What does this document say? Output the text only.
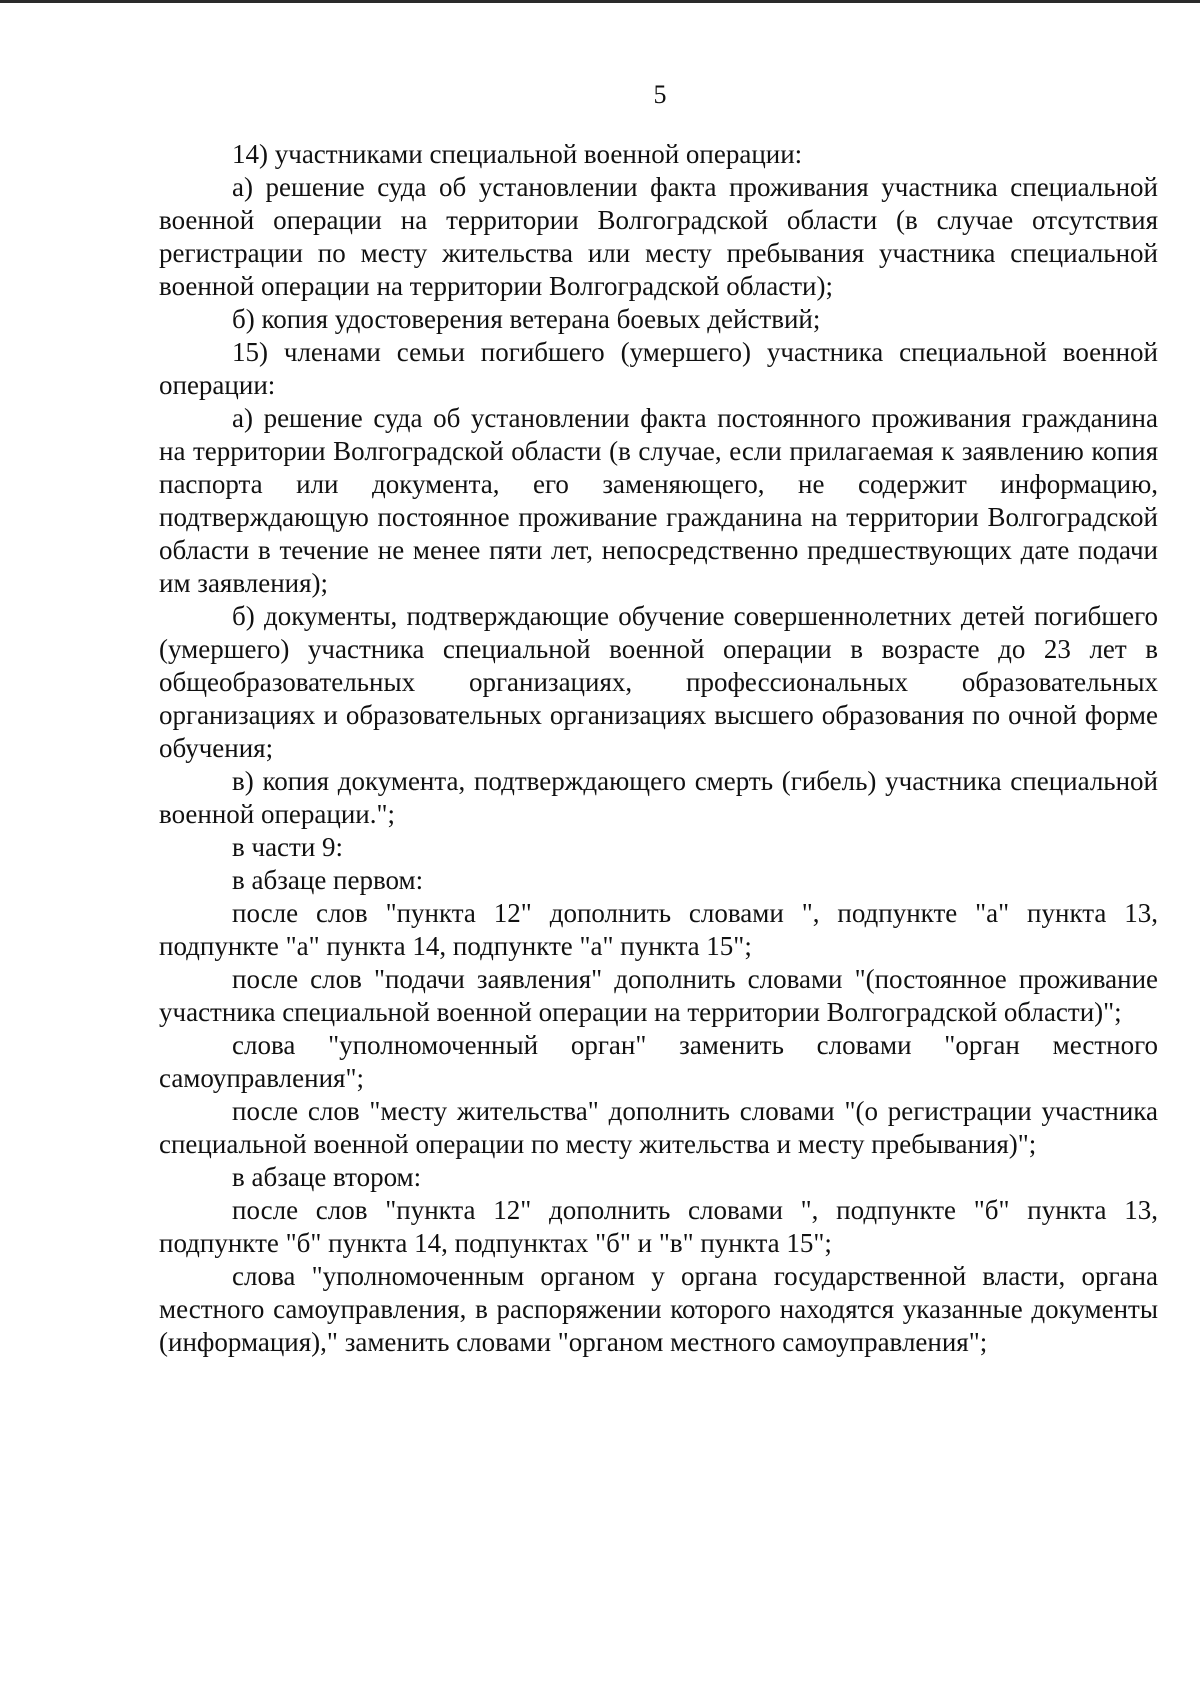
5

14) участниками специальной военной операции:

а) решение суда об установлении факта проживания участника специальной военной операции на территории Волгоградской области (в случае отсутствия регистрации по месту жительства или месту пребывания участника специальной военной операции на территории Волгоградской области);

б) копия удостоверения ветерана боевых действий;

15) членами семьи погибшего (умершего) участника специальной военной операции:

а) решение суда об установлении факта постоянного проживания гражданина на территории Волгоградской области (в случае, если прилагаемая к заявлению копия паспорта или документа, его заменяющего, не содержит информацию, подтверждающую постоянное проживание гражданина на территории Волгоградской области в течение не менее пяти лет, непосредственно предшествующих дате подачи им заявления);

б) документы, подтверждающие обучение совершеннолетних детей погибшего (умершего) участника специальной военной операции в возрасте до 23 лет в общеобразовательных организациях, профессиональных образовательных организациях и образовательных организациях высшего образования по очной форме обучения;

в) копия документа, подтверждающего смерть (гибель) участника специальной военной операции.";

в части 9:

в абзаце первом:

после слов "пункта 12" дополнить словами ", подпункте "а" пункта 13, подпункте "а" пункта 14, подпункте "а" пункта 15";

после слов "подачи заявления" дополнить словами "(постоянное проживание участника специальной военной операции на территории Волгоградской области)";

слова "уполномоченный орган" заменить словами "орган местного самоуправления";

после слов "месту жительства" дополнить словами "(о регистрации участника специальной военной операции по месту жительства и месту пребывания)";

в абзаце втором:

после слов "пункта 12" дополнить словами ", подпункте "б" пункта 13, подпункте "б" пункта 14, подпунктах "б" и "в" пункта 15";

слова "уполномоченным органом у органа государственной власти, органа местного самоуправления, в распоряжении которого находятся указанные документы (информация)," заменить словами "органом местного самоуправления";
